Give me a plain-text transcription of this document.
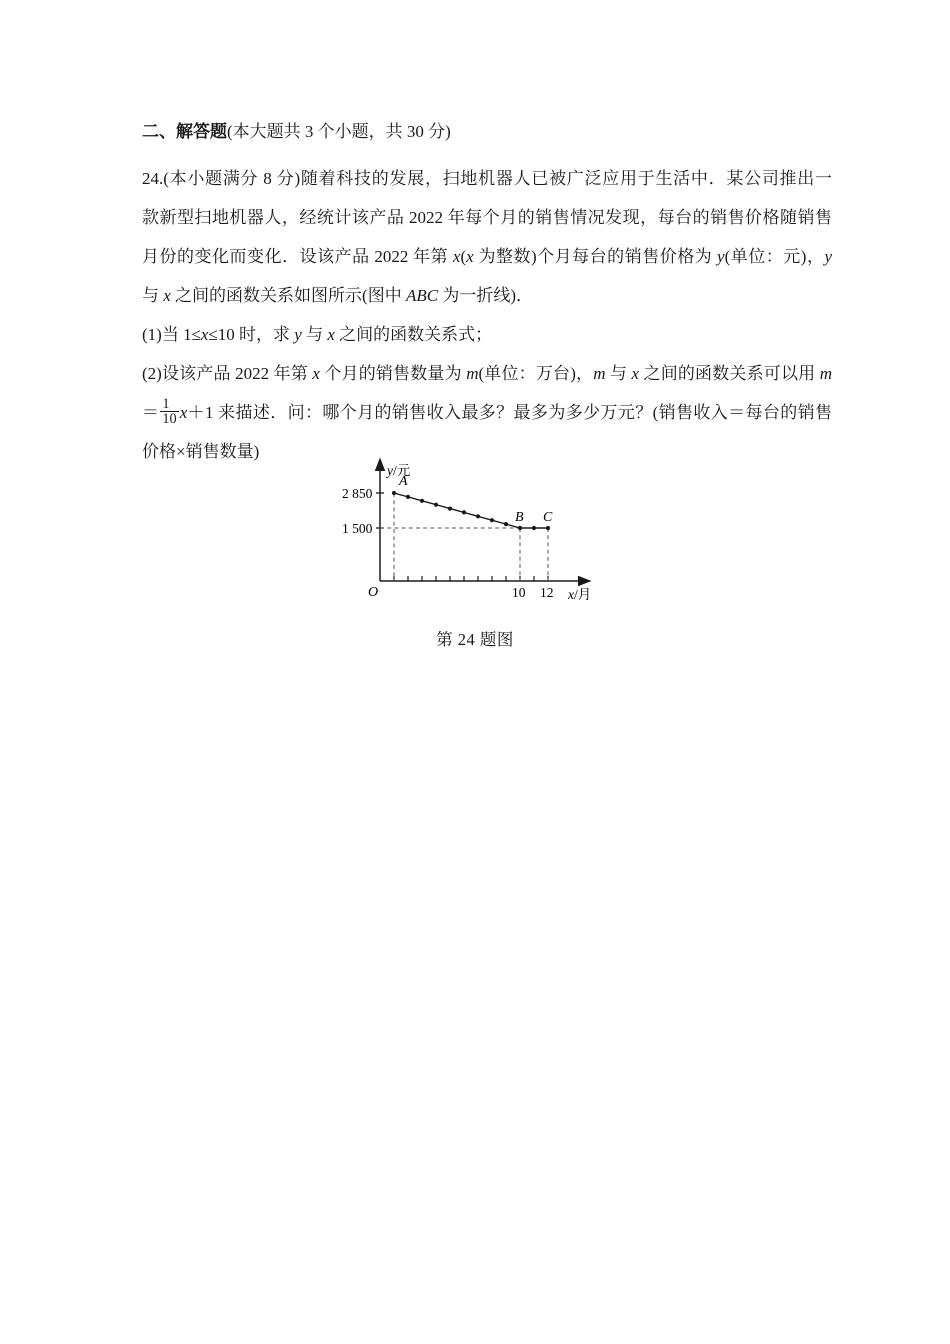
二、解答题(本大题共 3 个小题，共 30 分)
24.(本小题满分 8 分)随着科技的发展，扫地机器人已被广泛应用于生活中．某公司推出一
款新型扫地机器人，经统计该产品 2022 年每个月的销售情况发现，每台的销售价格随销售
月份的变化而变化．设该产品 2022 年第 x(x 为整数)个月每台的销售价格为 y(单位：元)，y
与 x 之间的函数关系如图所示(图中 ABC 为一折线)．
(1)当 1≤x≤10 时，求 y 与 x 之间的函数关系式；
(2)设该产品 2022 年第 x 个月的销售数量为 m(单位：万台)，m 与 x 之间的函数关系可以用 m
＝ $\frac{1}{10} x+1$ 来描述．问：哪个月的销售收入最多？最多为多少万元？(销售收入＝每台的销售
价格×销售数量)
y/元
x/月
O
2 850
1 500
10 12
A
B C
第 24 题图
